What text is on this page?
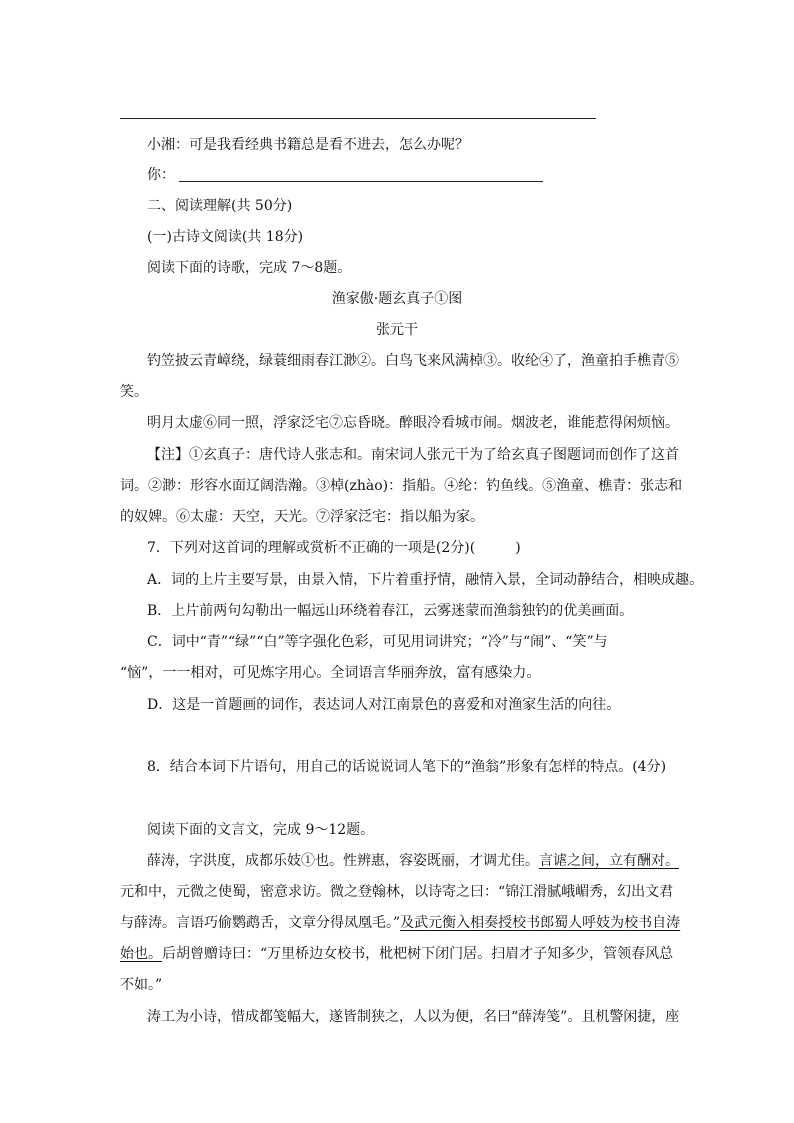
小湘：可是我看经典书籍总是看不进去，怎么办呢？
你：
二、阅读理解(共 50分)
(一)古诗文阅读(共 18分)
阅读下面的诗歌，完成 7～8题。
渔家傲·题玄真子①图
张元干
钓笠披云青嶂绕，绿蓑细雨春江渺②。白鸟飞来风满棹③。收纶④了，渔童拍手樵青⑤
笑。
明月太虚⑥同一照，浮家泛宅⑦忘昏晓。醉眼冷看城市闹。烟波老，谁能惹得闲烦恼。
【注】①玄真子：唐代诗人张志和。南宋词人张元干为了给玄真子图题词而创作了这首
词。②渺：形容水面辽阔浩瀚。③棹(zhào)：指船。④纶：钓鱼线。⑤渔童、樵青：张志和
的奴婢。⑥太虚：天空，天光。⑦浮家泛宅：指以船为家。
7．下列对这首词的理解或赏析不正确的一项是(2分)(	)
A．词的上片主要写景，由景入情，下片着重抒情，融情入景，全词动静结合，相映成趣。
B．上片前两句勾勒出一幅远山环绕着春江，云雾迷蒙而渔翁独钓的优美画面。
C．词中“青”“绿”“白”等字强化色彩，可见用词讲究；“冷”与“闹”、“笑”与
“恼”，一一相对，可见炼字用心。全词语言华丽奔放，富有感染力。
D．这是一首题画的词作，表达词人对江南景色的喜爱和对渔家生活的向往。
8．结合本词下片语句，用自己的话说说词人笔下的“渔翁”形象有怎样的特点。(4分)
阅读下面的文言文，完成 9～12题。
薛涛，字洪度，成都乐妓①也。性辨惠，容姿既丽，才调尤佳。言谑之间，立有酬对。
元和中，元微之使蜀，密意求访。微之登翰林，以诗寄之曰：“锦江滑腻峨嵋秀，幻出文君
与薛涛。言语巧偷鹦鹉舌，文章分得凤凰毛。”及武元衡入相奏授校书郎蜀人呼妓为校书自涛
始也。后胡曾赠诗曰：“万里桥边女校书，枇杷树下闭门居。扫眉才子知多少，管领春风总
不如。”
涛工为小诗，惜成都笺幅大，遂皆制狭之，人以为便，名曰“薛涛笺”。且机警闲捷，座
